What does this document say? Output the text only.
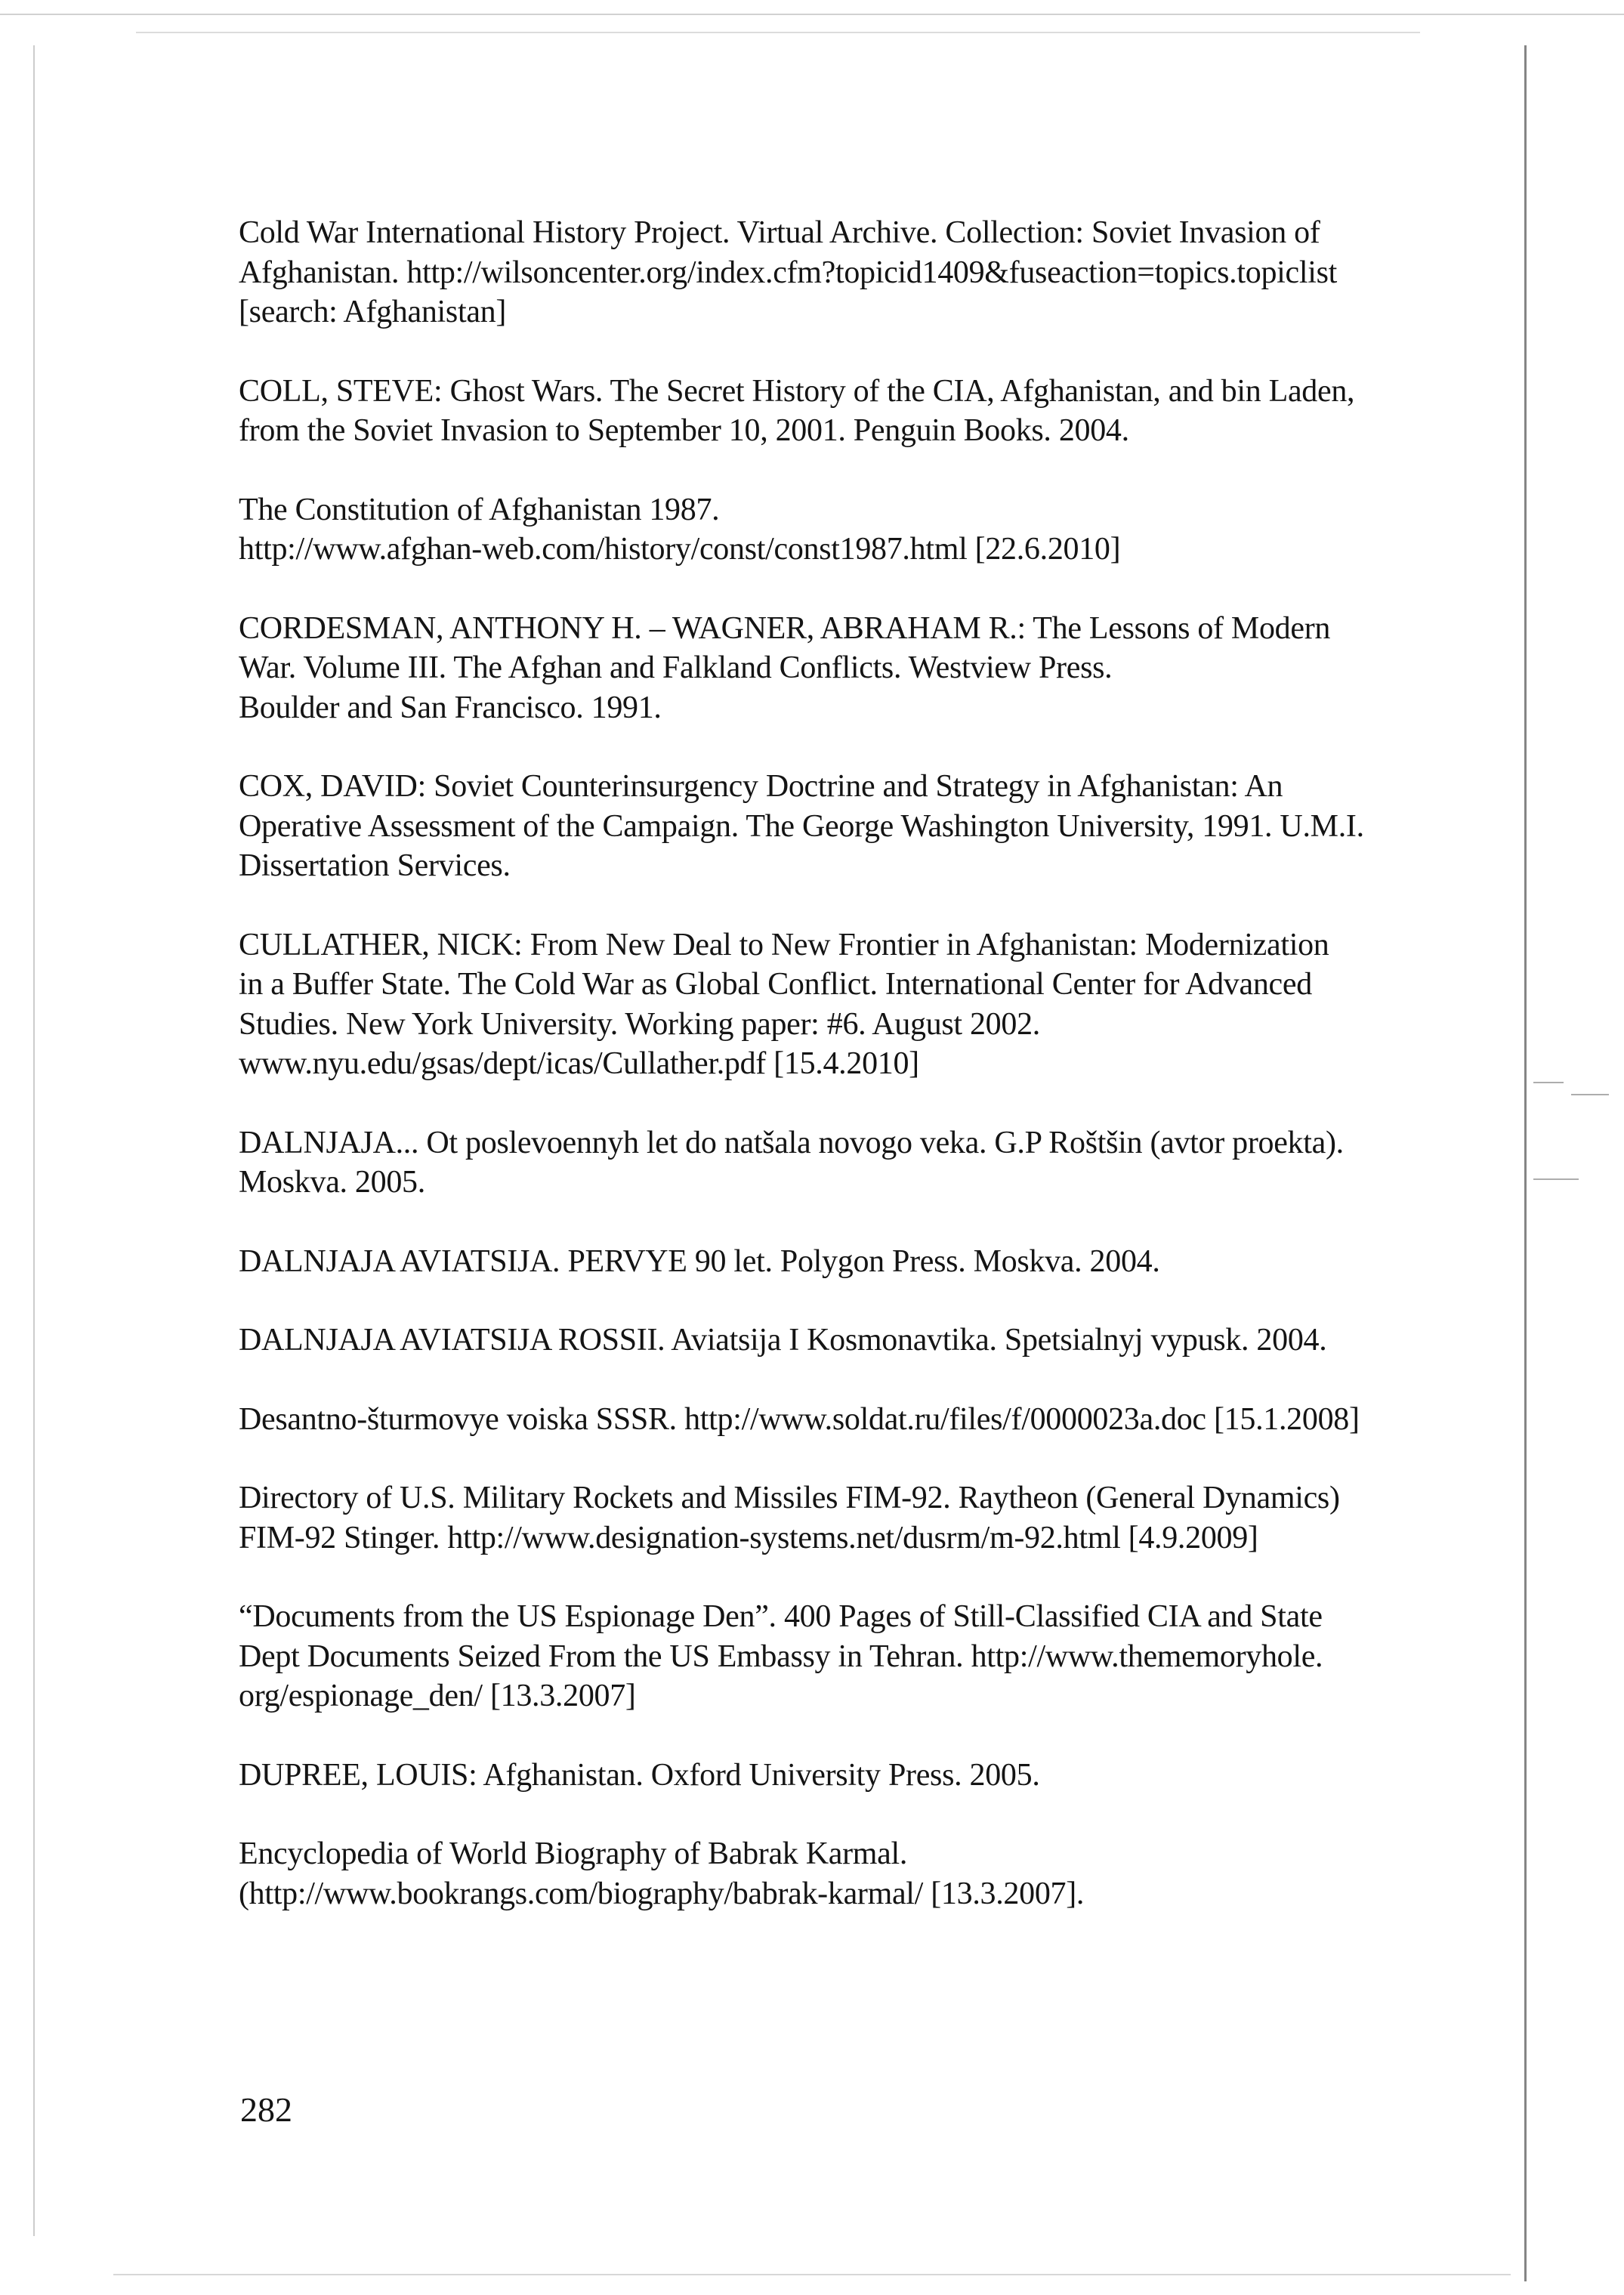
Cold War International History Project. Virtual Archive. Collection: Soviet Invasion of
Afghanistan. http://wilsoncenter.org/index.cfm?topicid1409&fuseaction=topics.topiclist
[search: Afghanistan]
COLL, STEVE: Ghost Wars. The Secret History of the CIA, Afghanistan, and bin Laden,
from the Soviet Invasion to September 10, 2001. Penguin Books. 2004.
The Constitution of Afghanistan 1987.
http://www.afghan-web.com/history/const/const1987.html [22.6.2010]
CORDESMAN, ANTHONY H. – WAGNER, ABRAHAM R.: The Lessons of Modern
War. Volume III. The Afghan and Falkland Conflicts. Westview Press.
Boulder and San Francisco. 1991.
COX, DAVID: Soviet Counterinsurgency Doctrine and Strategy in Afghanistan: An
Operative Assessment of the Campaign. The George Washington University, 1991. U.M.I.
Dissertation Services.
CULLATHER, NICK: From New Deal to New Frontier in Afghanistan: Modernization
in a Buffer State. The Cold War as Global Conflict. International Center for Advanced
Studies. New York University. Working paper: #6. August 2002.
www.nyu.edu/gsas/dept/icas/Cullather.pdf [15.4.2010]
DALNJAJA... Ot poslevoennyh let do natšala novogo veka. G.P Roštšin (avtor proekta).
Moskva. 2005.
DALNJAJA AVIATSIJA. PERVYE 90 let. Polygon Press. Moskva. 2004.
DALNJAJA AVIATSIJA ROSSII. Aviatsija I Kosmonavtika. Spetsialnyj vypusk. 2004.
Desantno-šturmovye voiska SSSR. http://www.soldat.ru/files/f/0000023a.doc [15.1.2008]
Directory of U.S. Military Rockets and Missiles FIM-92. Raytheon (General Dynamics)
FIM-92 Stinger. http://www.designation-systems.net/dusrm/m-92.html [4.9.2009]
“Documents from the US Espionage Den”. 400 Pages of Still-Classified CIA and State
Dept Documents Seized From the US Embassy in Tehran. http://www.thememoryhole.
org/espionage_den/ [13.3.2007]
DUPREE, LOUIS: Afghanistan. Oxford University Press. 2005.
Encyclopedia of World Biography of Babrak Karmal.
(http://www.bookrangs.com/biography/babrak-karmal/ [13.3.2007].
282
